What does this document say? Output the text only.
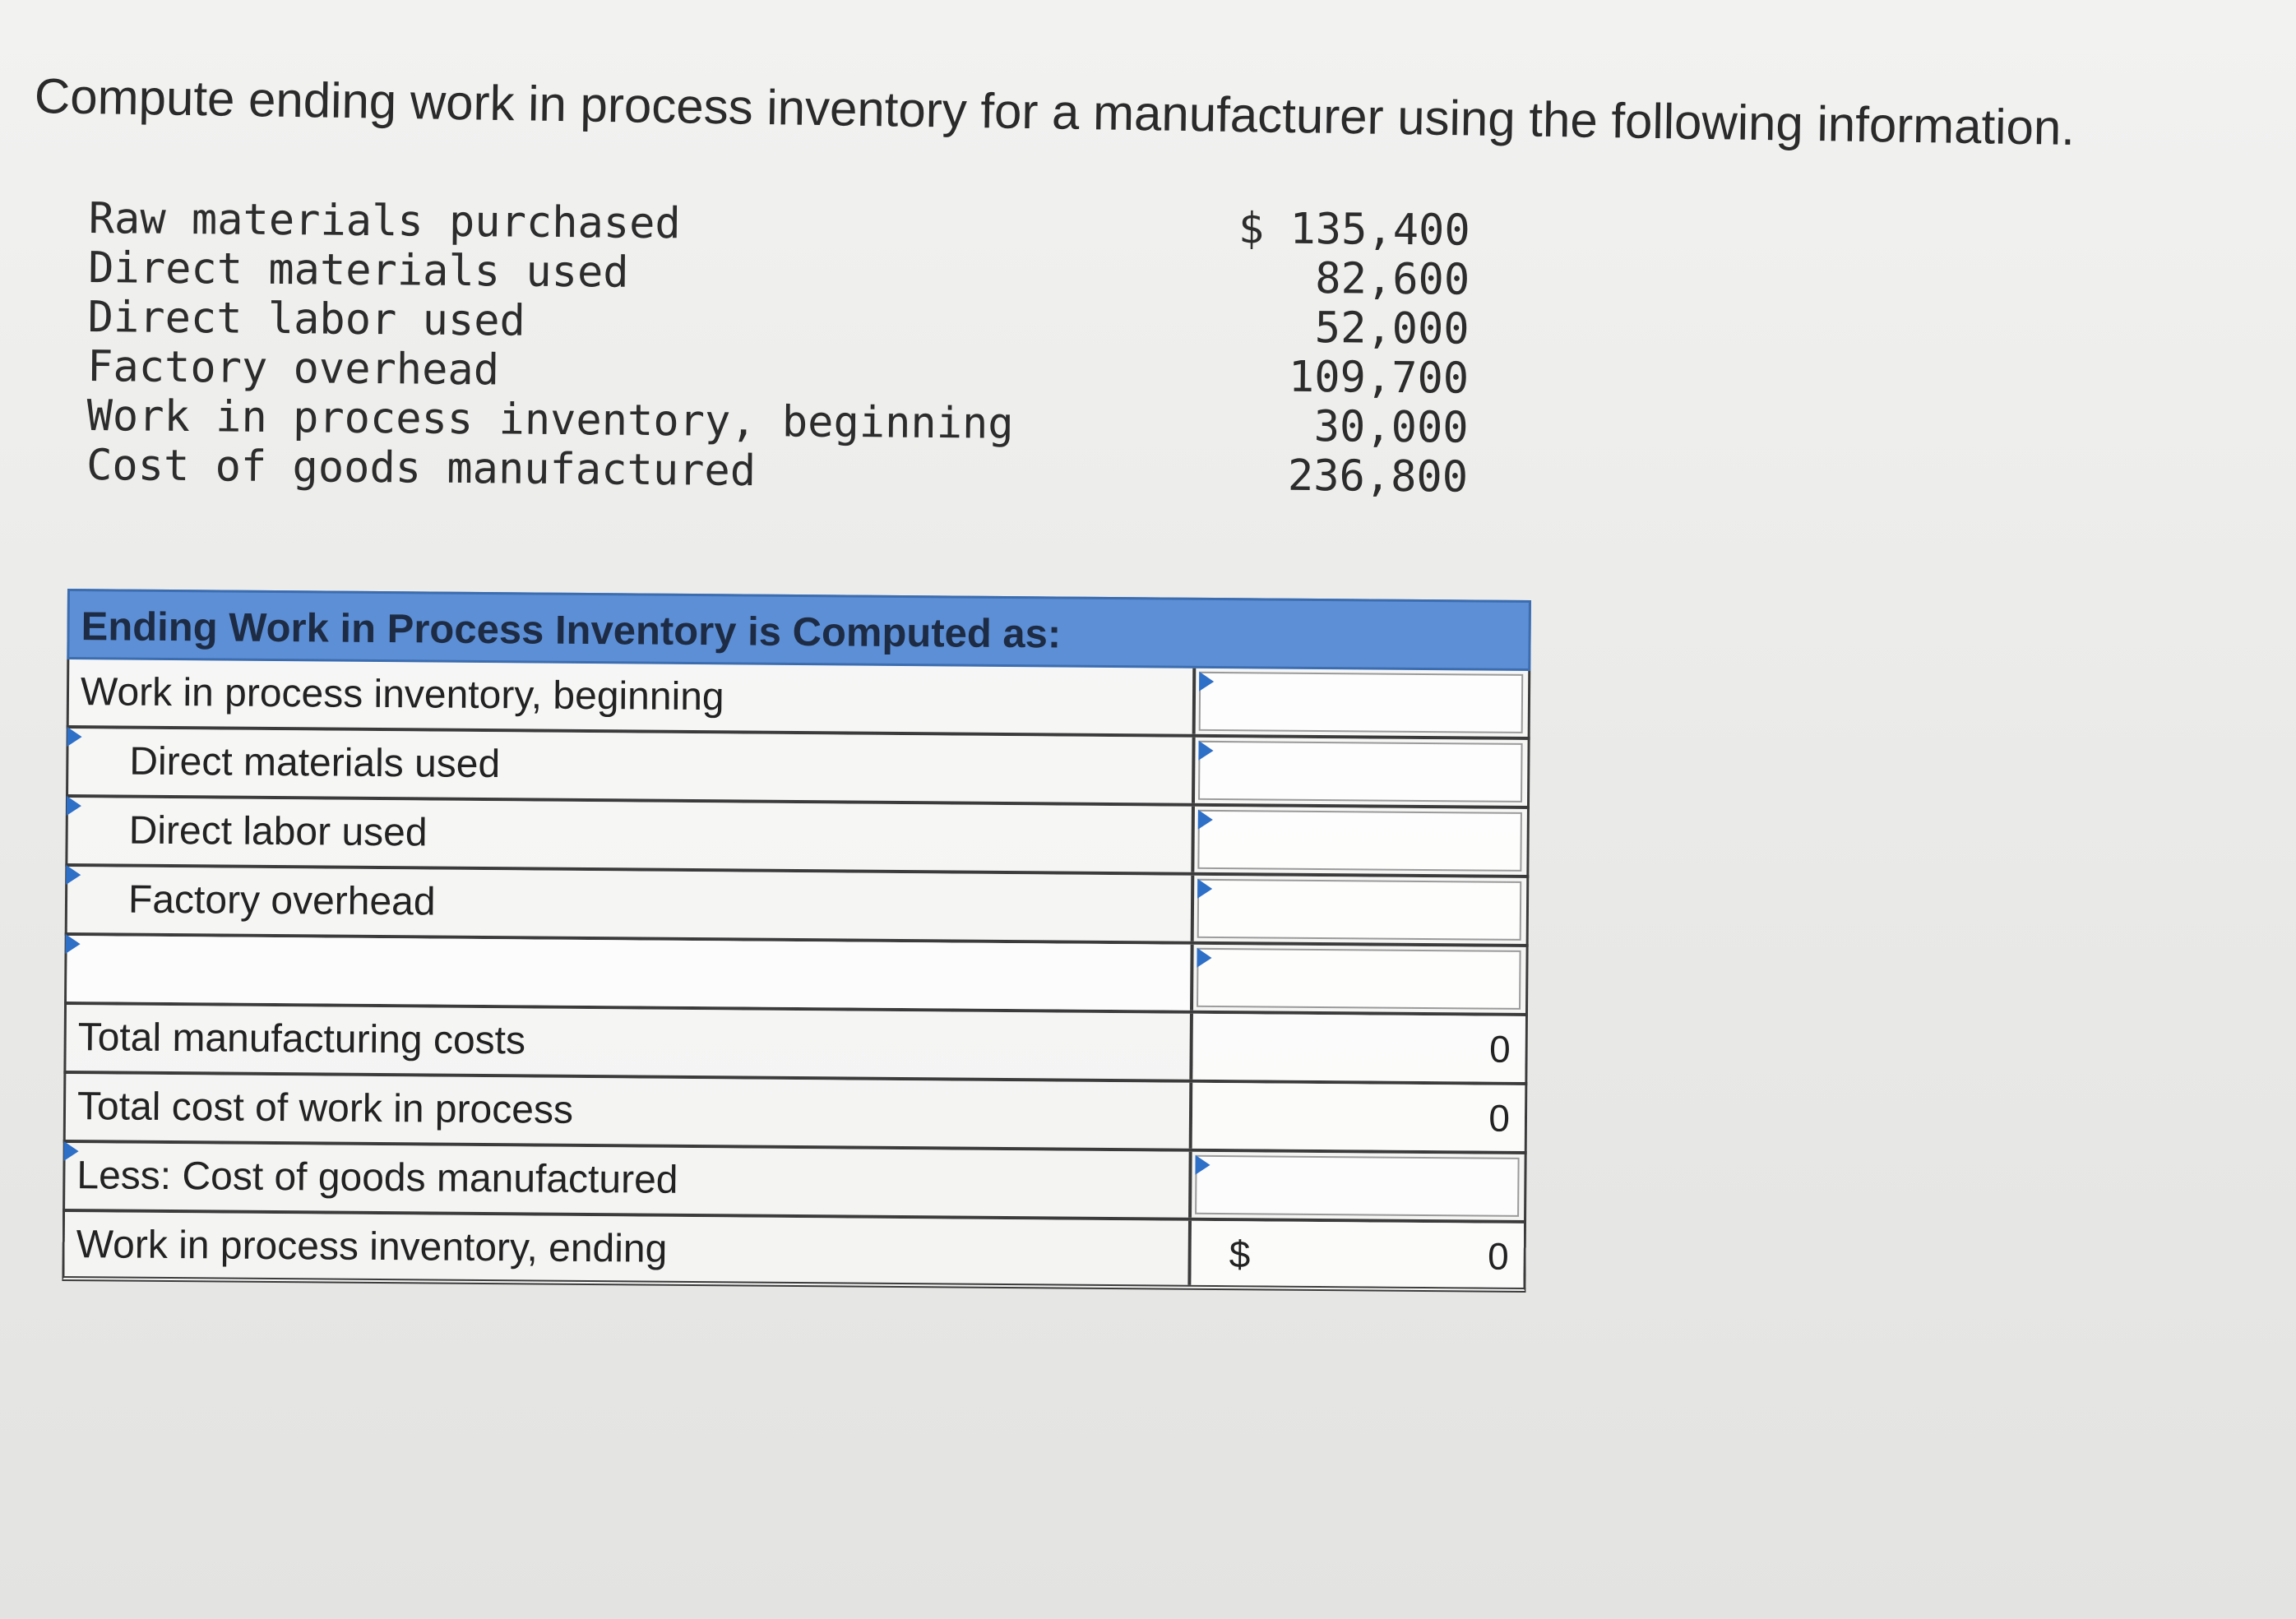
Compute ending work in process inventory for a manufacturer using the following information.
Raw materials purchased	$ 135,400
Direct materials used	82,600
Direct labor used	52,000
Factory overhead	109,700
Work in process inventory, beginning	30,000
Cost of goods manufactured	236,800
Ending Work in Process Inventory is Computed as:
Work in process inventory, beginning
Direct materials used
Direct labor used
Factory overhead
Total manufacturing costs	0
Total cost of work in process	0
Less: Cost of goods manufactured
Work in process inventory, ending	$	0
